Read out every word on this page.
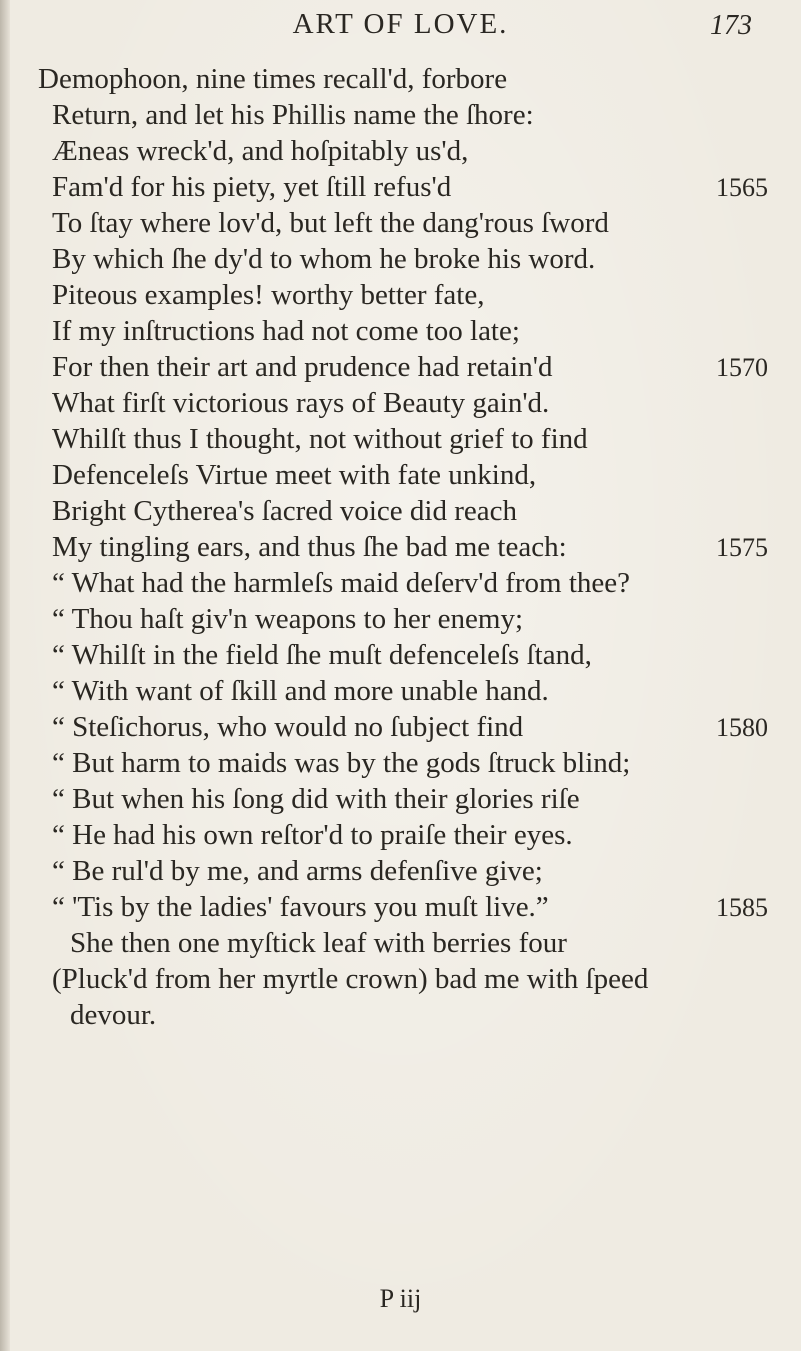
ART OF LOVE.	173
Demophoon, nine times recall'd, forbore
Return, and let his Phillis name the ſhore:
Æneas wreck'd, and hoſpitably us'd,
Fam'd for his piety, yet ſtill refus'd
To ſtay where lov'd, but left the dang'rous ſword
By which ſhe dy'd to whom he broke his word.
Piteous examples! worthy better fate,
If my inſtructions had not come too late;
For then their art and prudence had retain'd
What firſt victorious rays of Beauty gain'd.
Whilſt thus I thought, not without grief to find
Defenceleſs Virtue meet with fate unkind,
Bright Cytherea's ſacred voice did reach
My tingling ears, and thus ſhe bad me teach:
“ What had the harmleſs maid deſerv'd from thee?
“ Thou haſt giv'n weapons to her enemy;
“ Whilſt in the field ſhe muſt defenceleſs ſtand,
“ With want of ſkill and more unable hand.
“ Steſichorus, who would no ſubject find
“ But harm to maids was by the gods ſtruck blind;
“ But when his ſong did with their glories riſe
“ He had his own reſtor'd to praiſe their eyes.
“ Be rul'd by me, and arms defenſive give;
“ 'Tis by the ladies' favours you muſt live.”
She then one myſtick leaf with berries four
(Pluck'd from her myrtle crown) bad me with ſpeed
devour.
1565
1570
1575
1580
1585
P iij
